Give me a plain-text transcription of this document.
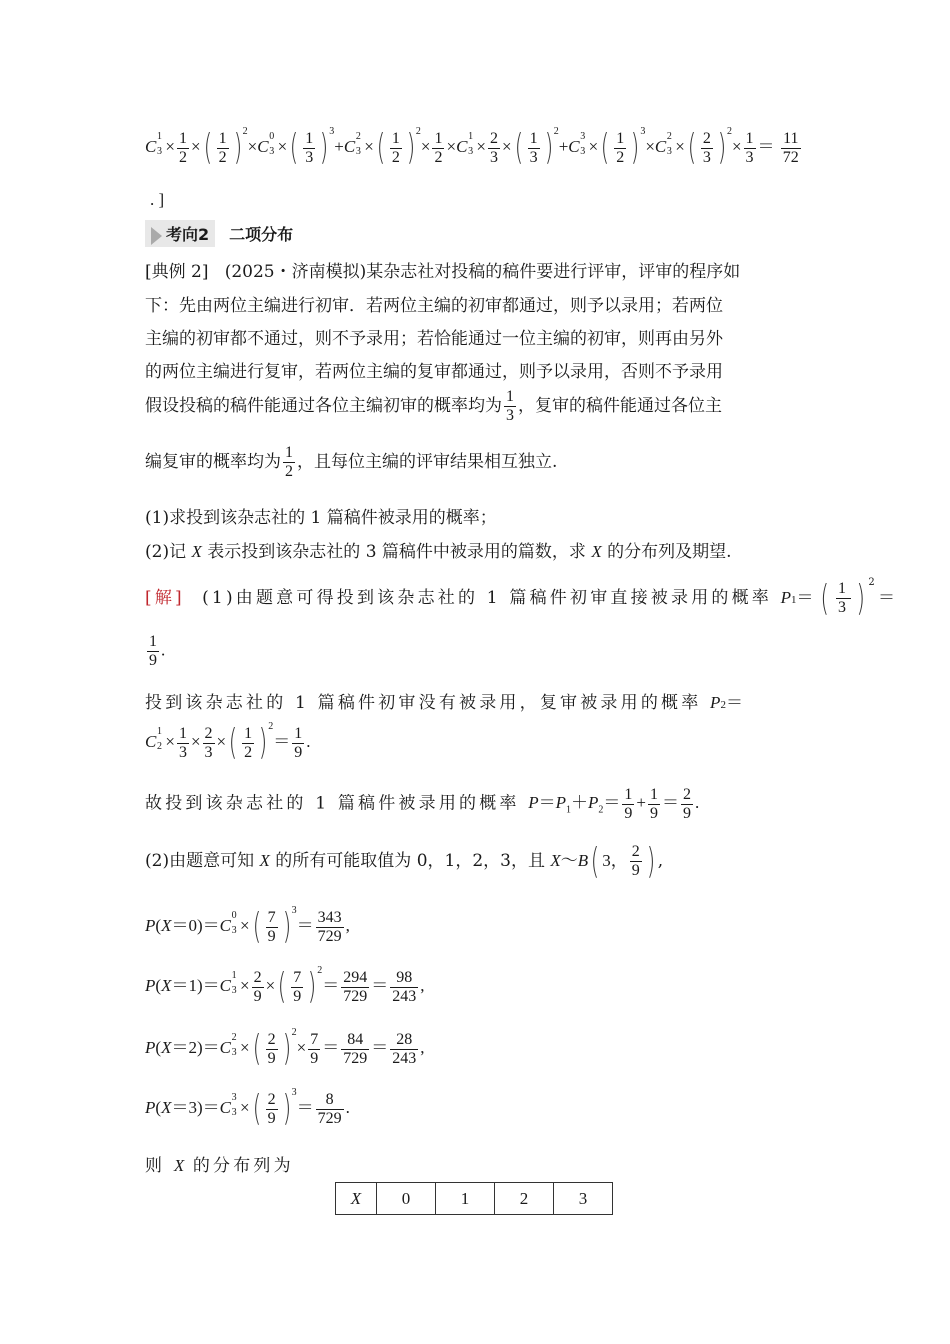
C
1
$3 \times \frac{1}{2}$ ×( $\frac{1}{2} )^2\times C$
0
3 ×( $\frac{1}{3} )^3+C$
2
3 ×( $\frac{1}{2} )^2\times \frac{1}{2} \times C$
1
$3 \times \frac{2}{3}$ ×( $\frac{1}{3} )^2+C$
3
3 ×( $\frac{1}{2} )^3\times C$
2
3 ×( $\frac{2}{3} )^2\times \frac{1}{3} = \frac{11}{72}$
. ]
考向2 二项分布
[典例 2] (2025・济南模拟)某杂志社对投稿的稿件要进行评审，评审的程序如
下：先由两位主编进行初审．若两位主编的初审都通过，则予以录用；若两位
主编的初审都不通过，则不予录用；若恰能通过一位主编的初审，则再由另外
的两位主编进行复审，若两位主编的复审都通过，则予以录用，否则不予录用
假设投稿的稿件能通过各位主编初审的概率均为 $\frac{1}{3}$ ，复审的稿件能通过各位主
编复审的概率均为 $\frac{1}{2}$ ，且每位主编的评审结果相互独立.
(1)求投到该杂志社的 1 篇稿件被录用的概率；
(2)记 X 表示投到该杂志社的 3 篇稿件中被录用的篇数，求 X 的分布列及期望.
[解] (1)由题意可得投到该杂志社的 1 篇稿件初审直接被录用的概率 $P1=( \frac{1}{3} )^2=$
$\frac{1}{9}$ .
投到该杂志社的 1 篇稿件初审没有被录用，复审被录用的概率 P2＝
C
1
$2 \times \frac{1}{3} \times \frac{2}{3}$ ×( $\frac{1}{2} )^2= \frac{1}{9}$ .
故投到该杂志社的 1 篇稿件被录用的概率 $P=P_1+P_2= \frac{1}{9} + \frac{1}{9} = \frac{2}{9}$ .
(2)由题意可知 X 的所有可能取值为 0，1，2，3，且 X～B( 3， $\frac{2}{9}$ ) ,
P(X＝0)＝C
0
3 ×( $\frac{7}{9} )^3= \frac{343}{729}$ ,
P(X＝1)＝C
1
$3 \times \frac{2}{9}$ ×( $\frac{7}{9} )^2= \frac{294}{729} = \frac{98}{243}$ ,
P(X＝2)＝C
2
3 ×( $\frac{2}{9} )^2\times \frac{7}{9} = \frac{84}{729} = \frac{28}{243}$ ,
P(X＝3)＝C
3
3 ×( $\frac{2}{9} )^3= \frac{8}{729}$ .
则 X 的分布列为
X	0	1	2	3
